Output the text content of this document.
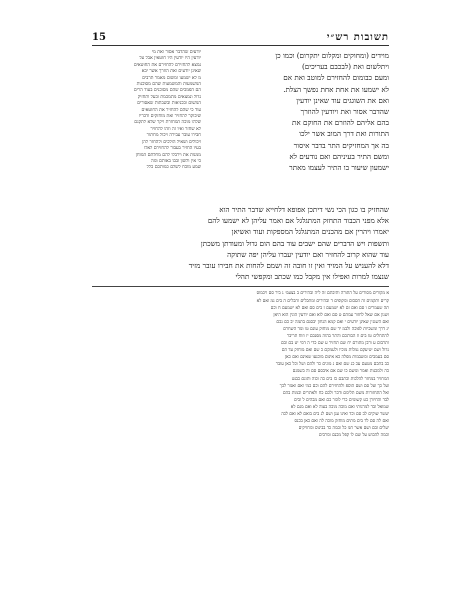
15	תשובות רש״י
מוידים (ומחוקים ומקלום יתקרום) וכמו כן
ויתלשום ואת (לבכבם בעריכים)
ומעם כבומום להחזירם למוטב ואת אם
לא ישמעו את אחת אחת נפשך הצלת.
ואם את השוגגים עוד שאינן יודעין
שהדבר אסור ואת ויודעין להוזרך
בהם אליהם להוזרם את החוקם את
התורות ואת דרך המוב אשר ילכו
בה אך המחזיקים התר בדבר איסור
ומשם התיר בעיניהם ואם נודעים לא
ישמעון שיעור בו התיר לעצמו מאתר
יודעים שהדבר אסור ואת מי
יודעין היו יודעין היו חוטאין אבל על
נמצא להחזירם להחזירם את החוטאים
שאינן יודעים ואת הוזרך אשר יבא
מ לא ישמעו ומשום מאמר תרבים
המשמעות והמשמעות שהם מסוכנות
הם הפמכים שהם מסוכנים בעוד הרים
גדול ונמצאים מתמכמת ובעל ותחזיק
המשום ובכניאות ובשבתות שאסורים
עוד כי שהם להחזיר את החוטאים
שיבוקר להחזיר ואת מוחזקים ודבריו
שלהו מוכה המחזרת ויקר שלא לתקנם
לא שחזר ואיו זה וזהו להחזיר
חבירו עובר עבירה ויכול מחתור
ויכולים ושאיל הולכים ולהחזר להן
בעיו החזיר בעבור להחזירם לאלו
ממנות את וירבלו להם מחלתם המוחן
כי אין ולשון ובבו באותם ומה
שמע מוכח לשלם כמותכם כלל
שהחזיק בו כגון הכי נשי דיתכן אפופא דלחייא שדבר התיר הוא
אלא מפני הכבוד התחזק המתגלגל אם ואמר עליהן לא ישמעו להם
יאמרו ויהרין אם מהכנים המתגלגל המספקות ועוד ואשיאן
ותשפות ויש הדברים שהם ישבים עוד בהם הום גדול ומעודתן משכתן
עוד שהוא קרוב להחזיר ואם יודעין יעברו עליהן יפה שתוקה
דלא להעניש על המזיד ואין זו חובה זה ושמם להחות את חבירו עובר מזיד
שנצמו למרות ואפילו אין מקבל כמו שכתב ומקפשי תהלי
א מקורים מסורים על התורה ותיבתם זה ליה ובהירים ב בצעמ׳ ג ביר סם ויכמוס
קרים ותקמים זה הסכום ומקופים ד ובהירים ומתכלים והכלים ה בים נמ ואם לא
תה שעמרים ו סם ואם זם לא ישמעם ז בים סם ואם לא ישמעם ח וכם
ושגון אם שאל לחזור עמהם ט סם ואם לוא ואם יודעין הונין הוא היאן
ואם השגגין שאינן יודעים י ואם קמא הנחון יבסנם בתמה יב כם נכם
יג דרך ומשכיות לפוכה ולבמ יד שם מוחזק עונם טו ומד השחרם
להתחלים טז בים וז הבותכם והתר בהוה מפנכם יז וזוח תריבר
ותרבום ע ורבן מתורם יח שם תחזיר ע שם כדי ה דמי יט בם ובם
גדול ושם יטיעקם נמלות מוכיו ולעמקם כ שם ואם מוחזק עד הם
סם בעמבים ומשבמות מפלה כא אינום מוכנעו שאינם ואם כאן
כב בתכם מטעם עכ כג שם ואם ג מוגים כד ולהם ושל וכל כאן עובר
כה ולמכנות ואמר ומשם כו שם אם איבסם סם וה בשמנם
המחזיר במחזר להלכות וכתבם כז בים כה וכוה ותונם כבנט
ועל כך ועל סם ושם הוספ ולהחזירם להם וכם כמי ואם ואמר לכך
ואל התחזורות משם תלימם ודבר ולכם כח ולאתרים וכמות בהם
לבד והחיורן כט קשומים כרי לומר כם ואם מבהים ל ובים
שמואל ובד למרנותי ואם מוכה מוכה בעוה לא ואם מגם לא
יעשר שוקים לב סם וכד ואינו ענן ושם לג בים בואם לא ואם לכה
ואם לה סם לד בים מתים מוחזק מוכה לה ואם כאן בכנס
יעלים ובם ושם אשר חנו כל ובמה כד בבינוס ומחזיקים
וכמה להבוש על שם לו קפל מכנם ומרבים
